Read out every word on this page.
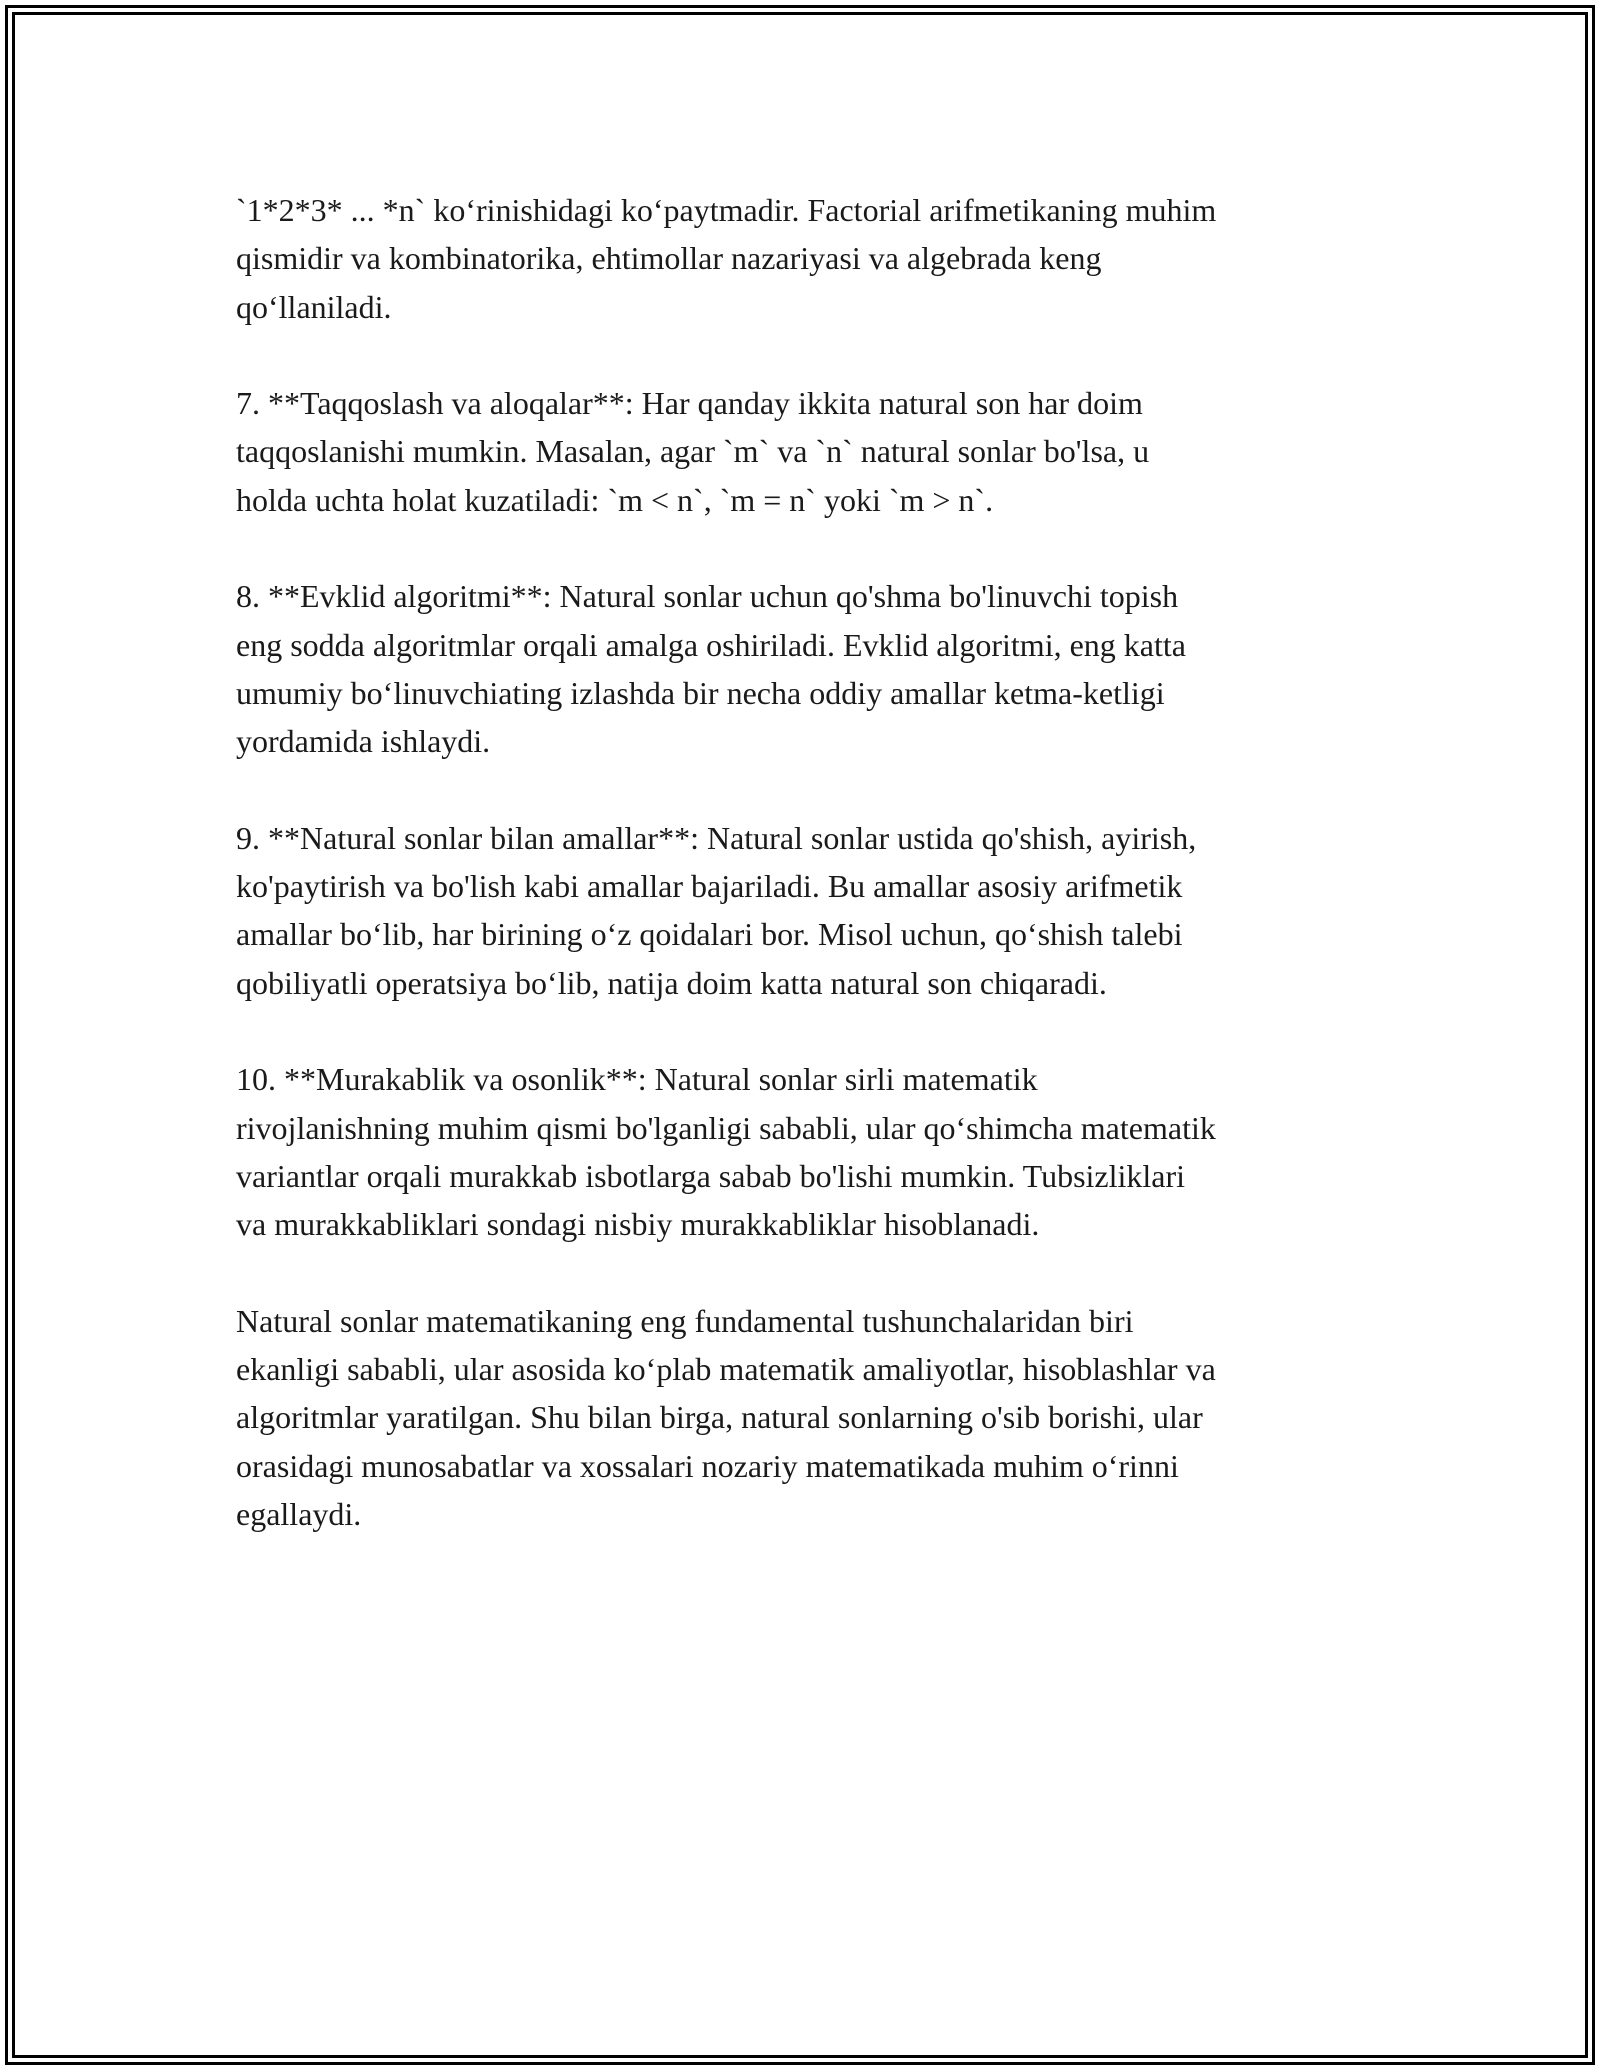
`1*2*3* ... *n` ko‘rinishidagi ko‘paytmadir. Factorial arifmetikaning muhim
qismidir va kombinatorika, ehtimollar nazariyasi va algebrada keng
qo‘llaniladi.

7. **Taqqoslash va aloqalar**: Har qanday ikkita natural son har doim
taqqoslanishi mumkin. Masalan, agar `m` va `n` natural sonlar bo'lsa, u
holda uchta holat kuzatiladi: `m < n`, `m = n` yoki `m > n`.

8. **Evklid algoritmi**: Natural sonlar uchun qo'shma bo'linuvchi topish
eng sodda algoritmlar orqali amalga oshiriladi. Evklid algoritmi, eng katta
umumiy bo‘linuvchiating izlashda bir necha oddiy amallar ketma-ketligi
yordamida ishlaydi.

9. **Natural sonlar bilan amallar**: Natural sonlar ustida qo'shish, ayirish,
ko'paytirish va bo'lish kabi amallar bajariladi. Bu amallar asosiy arifmetik
amallar bo‘lib, har birining o‘z qoidalari bor. Misol uchun, qo‘shish talebi
qobiliyatli operatsiya bo‘lib, natija doim katta natural son chiqaradi.

10. **Murakablik va osonlik**: Natural sonlar sirli matematik
rivojlanishning muhim qismi bo'lganligi sababli, ular qo‘shimcha matematik
variantlar orqali murakkab isbotlarga sabab bo'lishi mumkin. Tubsizliklari
va murakkabliklari sondagi nisbiy murakkabliklar hisoblanadi.

Natural sonlar matematikaning eng fundamental tushunchalaridan biri
ekanligi sababli, ular asosida ko‘plab matematik amaliyotlar, hisoblashlar va
algoritmlar yaratilgan. Shu bilan birga, natural sonlarning o'sib borishi, ular
orasidagi munosabatlar va xossalari nozariy matematikada muhim o‘rinni
egallaydi.
